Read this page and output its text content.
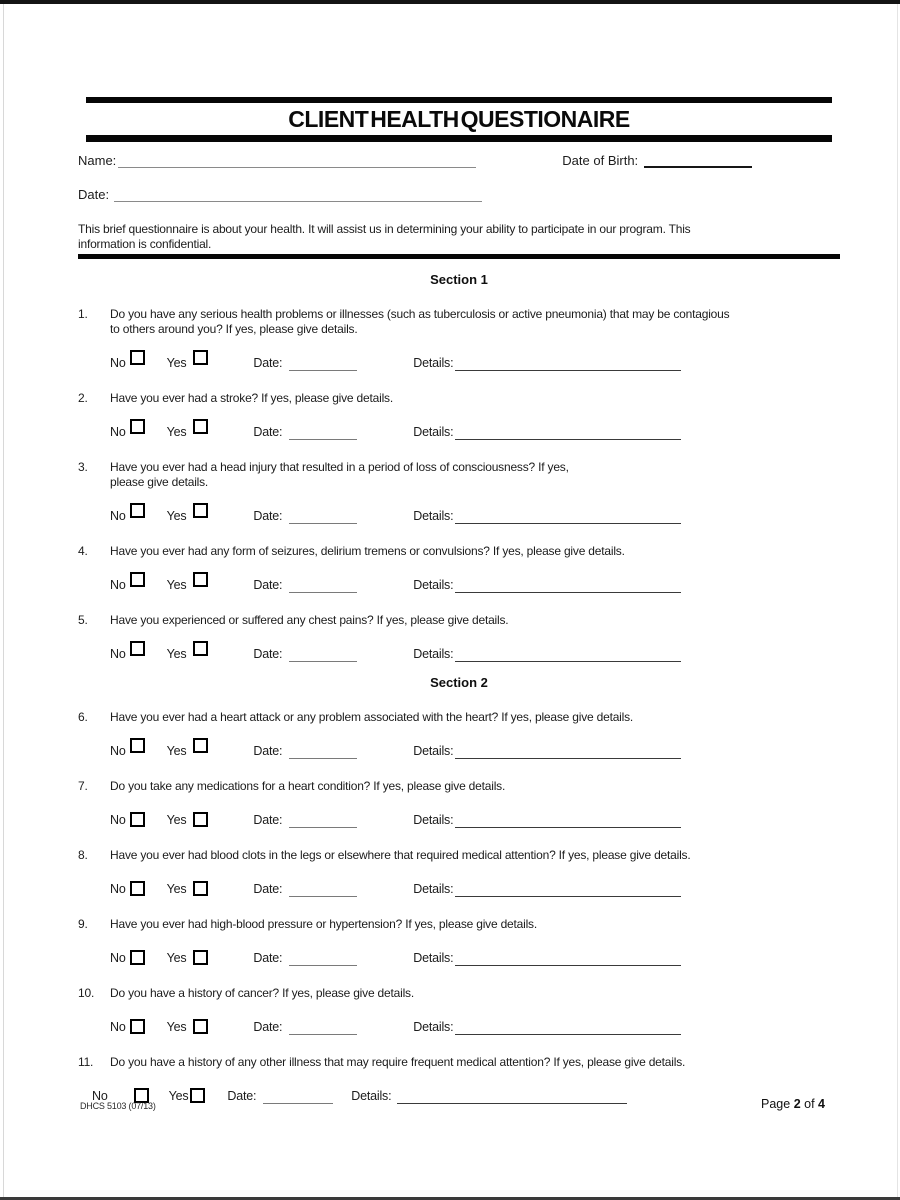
CLIENT HEALTH QUESTIONAIRE
Name:	Date of Birth:
Date:
This brief questionnaire is about your health. It will assist us in determining your ability to participate in our program. This
information is confidential.
Section 1
1.	Do you have any serious health problems or illnesses (such as tuberculosis or active pneumonia) that may be contagious
to others around you? If yes, please give details.
No	Yes	Date:	Details:
2.	Have you ever had a stroke? If yes, please give details.
No	Yes	Date:	Details:
3.	Have you ever had a head injury that resulted in a period of loss of consciousness? If yes,
please give details.
No	Yes	Date:	Details:
4.	Have you ever had any form of seizures, delirium tremens or convulsions? If yes, please give details.
No	Yes	Date:	Details:
5.	Have you experienced or suffered any chest pains? If yes, please give details.
No	Yes	Date:	Details:
Section 2
6.	Have you ever had a heart attack or any problem associated with the heart? If yes, please give details.
No	Yes	Date:	Details:
7.	Do you take any medications for a heart condition? If yes, please give details.
No	Yes	Date:	Details:
8.	Have you ever had blood clots in the legs or elsewhere that required medical attention? If yes, please give details.
No	Yes	Date:	Details:
9.	Have you ever had high-blood pressure or hypertension? If yes, please give details.
No	Yes	Date:	Details:
10.	Do you have a history of cancer? If yes, please give details.
No	Yes	Date:	Details:
11.	Do you have a history of any other illness that may require frequent medical attention? If yes, please give details.
No	Yes	Date:	Details:
DHCS 5103 (07/13)	Page 2 of 4
